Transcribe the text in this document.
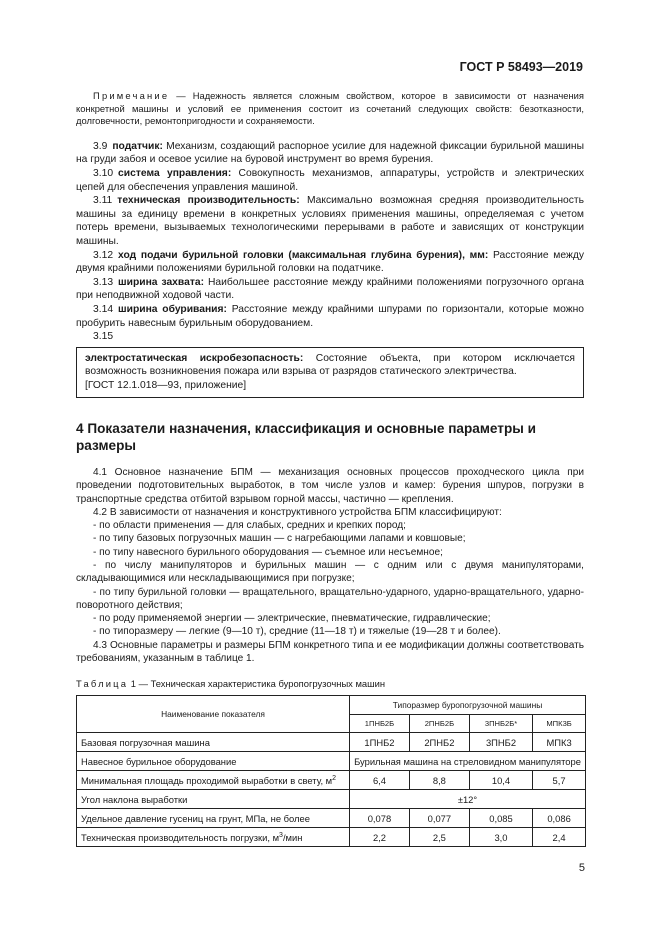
ГОСТ Р 58493—2019
Примечание — Надежность является сложным свойством, которое в зависимости от назначения конкретной машины и условий ее применения состоит из сочетаний следующих свойств: безотказности, долговечности, ремонтопригодности и сохраняемости.

3.9 податчик: Механизм, создающий распорное усилие для надежной фиксации бурильной машины на груди забоя и осевое усилие на буровой инструмент во время бурения.

3.10 система управления: Совокупность механизмов, аппаратуры, устройств и электрических цепей для обеспечения управления машиной.

3.11 техническая производительность: Максимально возможная средняя производительность машины за единицу времени в конкретных условиях применения машины, определяемая с учетом потерь времени, вызываемых технологическими перерывами в работе и зависящих от конструкции машины.

3.12 ход подачи бурильной головки (максимальная глубина бурения), мм: Расстояние между двумя крайними положениями бурильной головки на податчике.

3.13 ширина захвата: Наибольшее расстояние между крайними положениями погрузочного органа при неподвижной ходовой части.

3.14 ширина обуривания: Расстояние между крайними шпурами по горизонтали, которые можно пробурить навесным бурильным оборудованием.

3.15

электростатическая искробезопасность: Состояние объекта, при котором исключается возможность возникновения пожара или взрыва от разрядов статического электричества.

[ГОСТ 12.1.018—93, приложение]

4 Показатели назначения, классификация и основные параметры и размеры

4.1 Основное назначение БПМ — механизация основных процессов проходческого цикла при проведении подготовительных выработок, в том числе узлов и камер: бурения шпуров, погрузки в транспортные средства отбитой взрывом горной массы, частично — крепления.

4.2 В зависимости от назначения и конструктивного устройства БПМ классифицируют:

- по области применения — для слабых, средних и крепких пород;

- по типу базовых погрузочных машин — с нагребающими лапами и ковшовые;

- по типу навесного бурильного оборудования — съемное или несъемное;

- по числу манипуляторов и бурильных машин — с одним или с двумя манипуляторами, складывающимися или нескладывающимися при погрузке;

- по типу бурильной головки — вращательного, вращательно-ударного, ударно-вращательного, ударно-поворотного действия;

- по роду применяемой энергии — электрические, пневматические, гидравлические;

- по типоразмеру — легкие (9—10 т), средние (11—18 т) и тяжелые (19—28 т и более).

4.3 Основные параметры и размеры БПМ конкретного типа и ее модификации должны соответствовать требованиям, указанным в таблице 1.

Таблица 1 — Техническая характеристика буропогрузочных машин
Наименование показателя	Типоразмер буропогрузочной машины			
	1ПНБ2Б	2ПНБ2Б	3ПНБ2Б*	МПК3Б
Базовая погрузочная машина	1ПНБ2	2ПНБ2	3ПНБ2	МПК3
Навесное бурильное оборудование	Бурильная машина на стреловидном манипуляторе			
Минимальная площадь проходимой выработки в свету, $м^2$	6,4	8,8	10,4	5,7
Угол наклона выработки	±12°			
Удельное давление гусениц на грунт, МПа, не более	0,078	0,077	0,085	0,086
Техническая производительность погрузки, $м^3$/мин	2,2	2,5	3,0	2,4
5
